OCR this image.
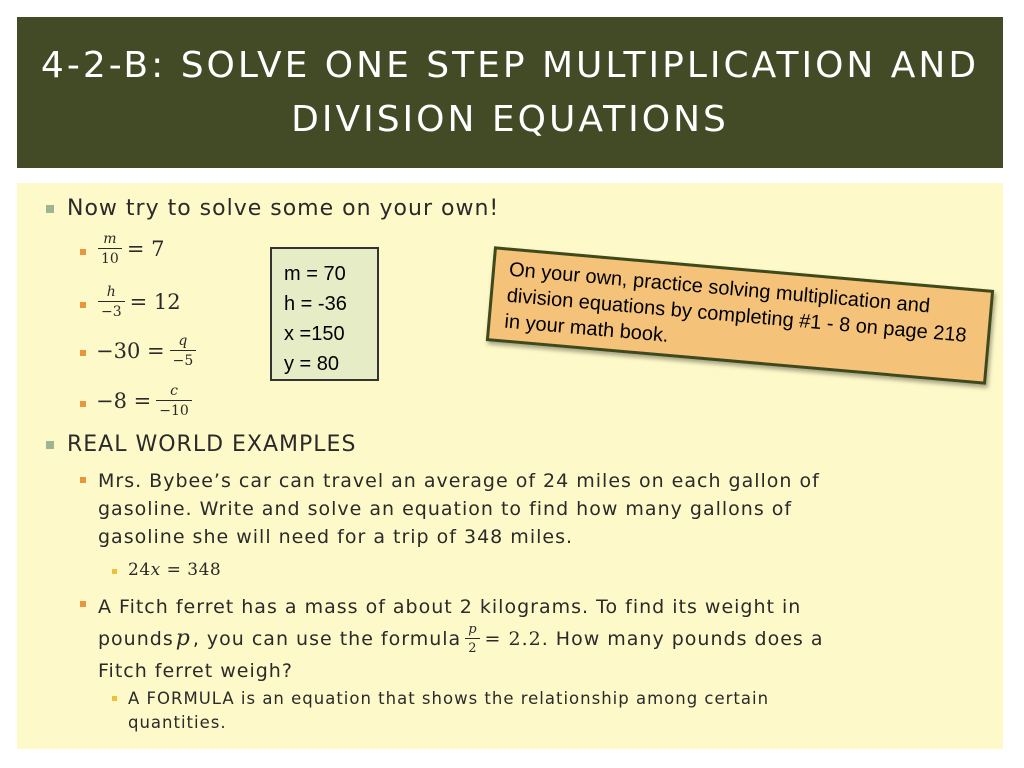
4-2-B: SOLVE ONE STEP MULTIPLICATION AND DIVISION EQUATIONS
Now try to solve some on your own!
$\frac{m}{10} = 7$
$\frac{h}{-3} = 12$
$-30 = \frac{q}{-5}$
$-8 = \frac{c}{-10}$
m = 70
h = -36
x =150
y = 80
On your own, practice solving multiplication and division equations by completing #1 - 8 on page 218 in your math book.
REAL WORLD EXAMPLES
Mrs. Bybee’s car can travel an average of 24 miles on each gallon of
gasoline. Write and solve an equation to find how many gallons of
gasoline she will need for a trip of 348 miles.
24𝑥 = 348
A Fitch ferret has a mass of about 2 kilograms. To find its weight in
pounds 𝑝 , you can use the formula $\frac{p}{2} = 2.2$ . How many pounds does a
Fitch ferret weigh?
A FORMULA is an equation that shows the relationship among certain
quantities.
